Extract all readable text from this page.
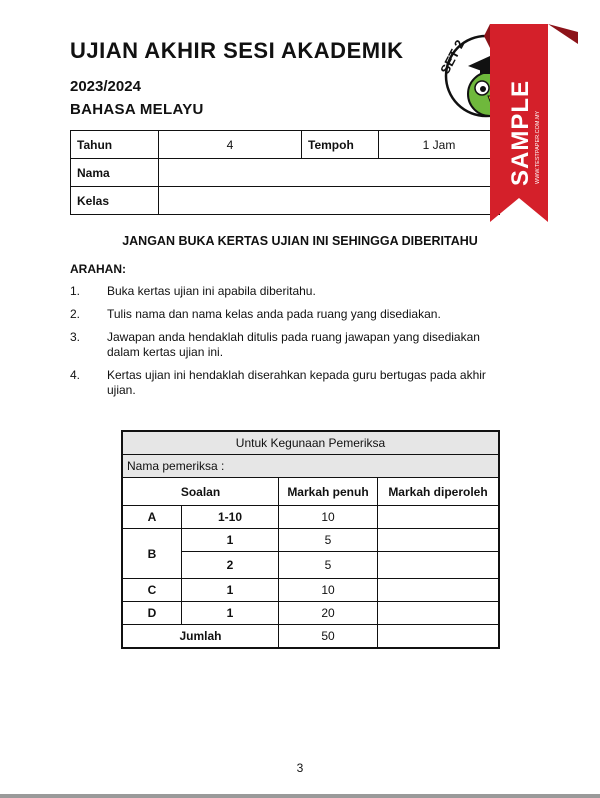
UJIAN AKHIR SESI AKADEMIK
2023/2024
BAHASA MELAYU
Tahun	4	Tempoh	1 Jam
Nama			
Kelas			
JANGAN BUKA KERTAS UJIAN INI SEHINGGA DIBERITAHU
ARAHAN:
1.	Buka kertas ujian ini apabila diberitahu.
2.	Tulis nama dan nama kelas anda pada ruang yang disediakan.
3.	Jawapan anda hendaklah ditulis pada ruang jawapan yang disediakan dalam kertas ujian ini.
4.	Kertas ujian ini hendaklah diserahkan kepada guru bertugas pada akhir ujian.
Untuk Kegunaan Pemeriksa			
Nama pemeriksa :			
Soalan		Markah penuh	Markah diperoleh
A	1-10	10	
B	1	5	
	2	5	
C	1	10	
D	1	20	
Jumlah		50	
3
SET 2
SAMPLE WWW.TESTPAPER.COM.MY
